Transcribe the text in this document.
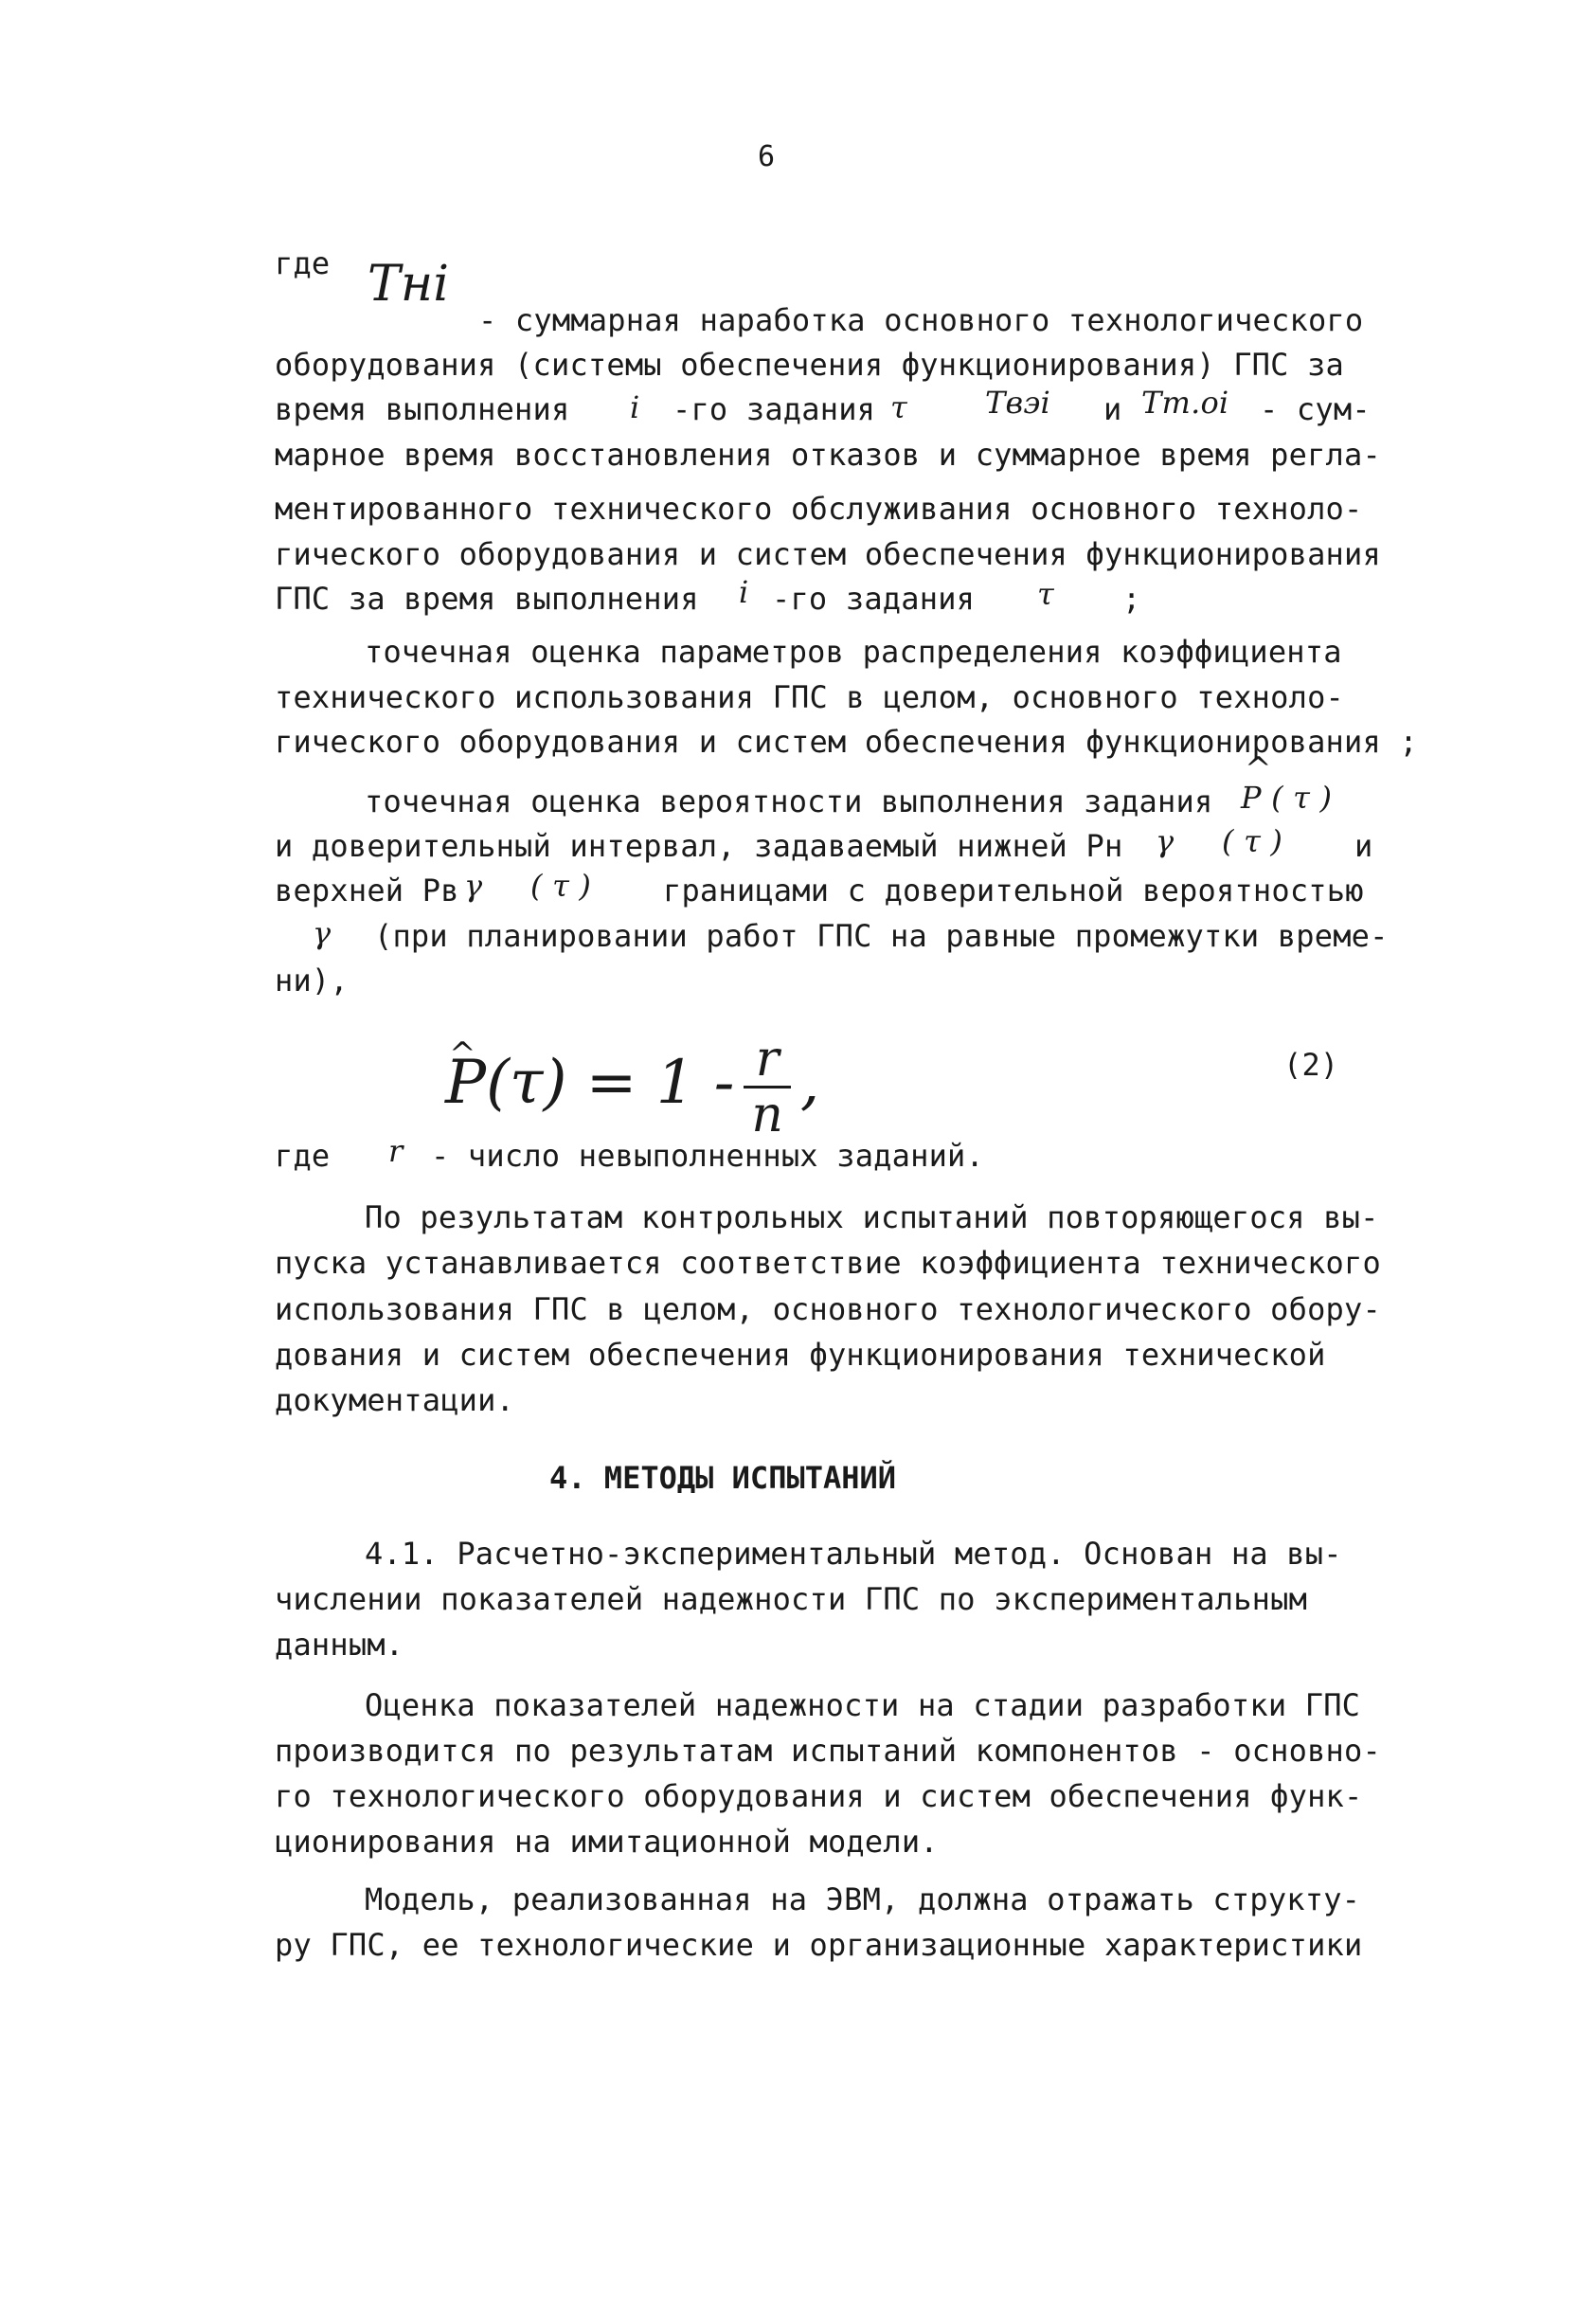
6
где Tнi
- суммарная наработка основного технологического
оборудования (системы обеспечения функционирования) ГПС за
время выполнения i -го задания τ	Tвэi и Tт.оi - сум-
марное время восстановления отказов и суммарное время регла-
ментированного технического обслуживания основного техноло-
гического оборудования и систем обеспечения функционирования
ГПС за время выполнения i -го задания τ ;
точечная оценка параметров распределения коэффициента
технического использования ГПС в целом, основного техноло-
гического оборудования и систем обеспечения функционирования ;
точечная оценка вероятности выполнения задания
^ P ( τ )
и доверительный интервал, задаваемый нижней Рн γ ( τ ) и
верхней Рв γ ( τ ) границами с доверительной вероятностью
γ (при планировании работ ГПС на равные промежутки време-
ни),
^ $P(\tau) = 1 - \frac{r}{n}$ ,	(2)
где r - число невыполненных заданий.
По результатам контрольных испытаний повторяющегося вы-
пуска устанавливается соответствие коэффициента технического
использования ГПС в целом, основного технологического обору-
дования и систем обеспечения функционирования технической
документации.
4. МЕТОДЫ ИСПЫТАНИЙ
4.1. Расчетно-экспериментальный метод. Основан на вы-
числении показателей надежности ГПС по экспериментальным
данным.
Оценка показателей надежности на стадии разработки ГПС
производится по результатам испытаний компонентов - основно-
го технологического оборудования и систем обеспечения функ-
ционирования на имитационной модели.
Модель, реализованная на ЭВМ, должна отражать структу-
ру ГПС, ее технологические и организационные характеристики
